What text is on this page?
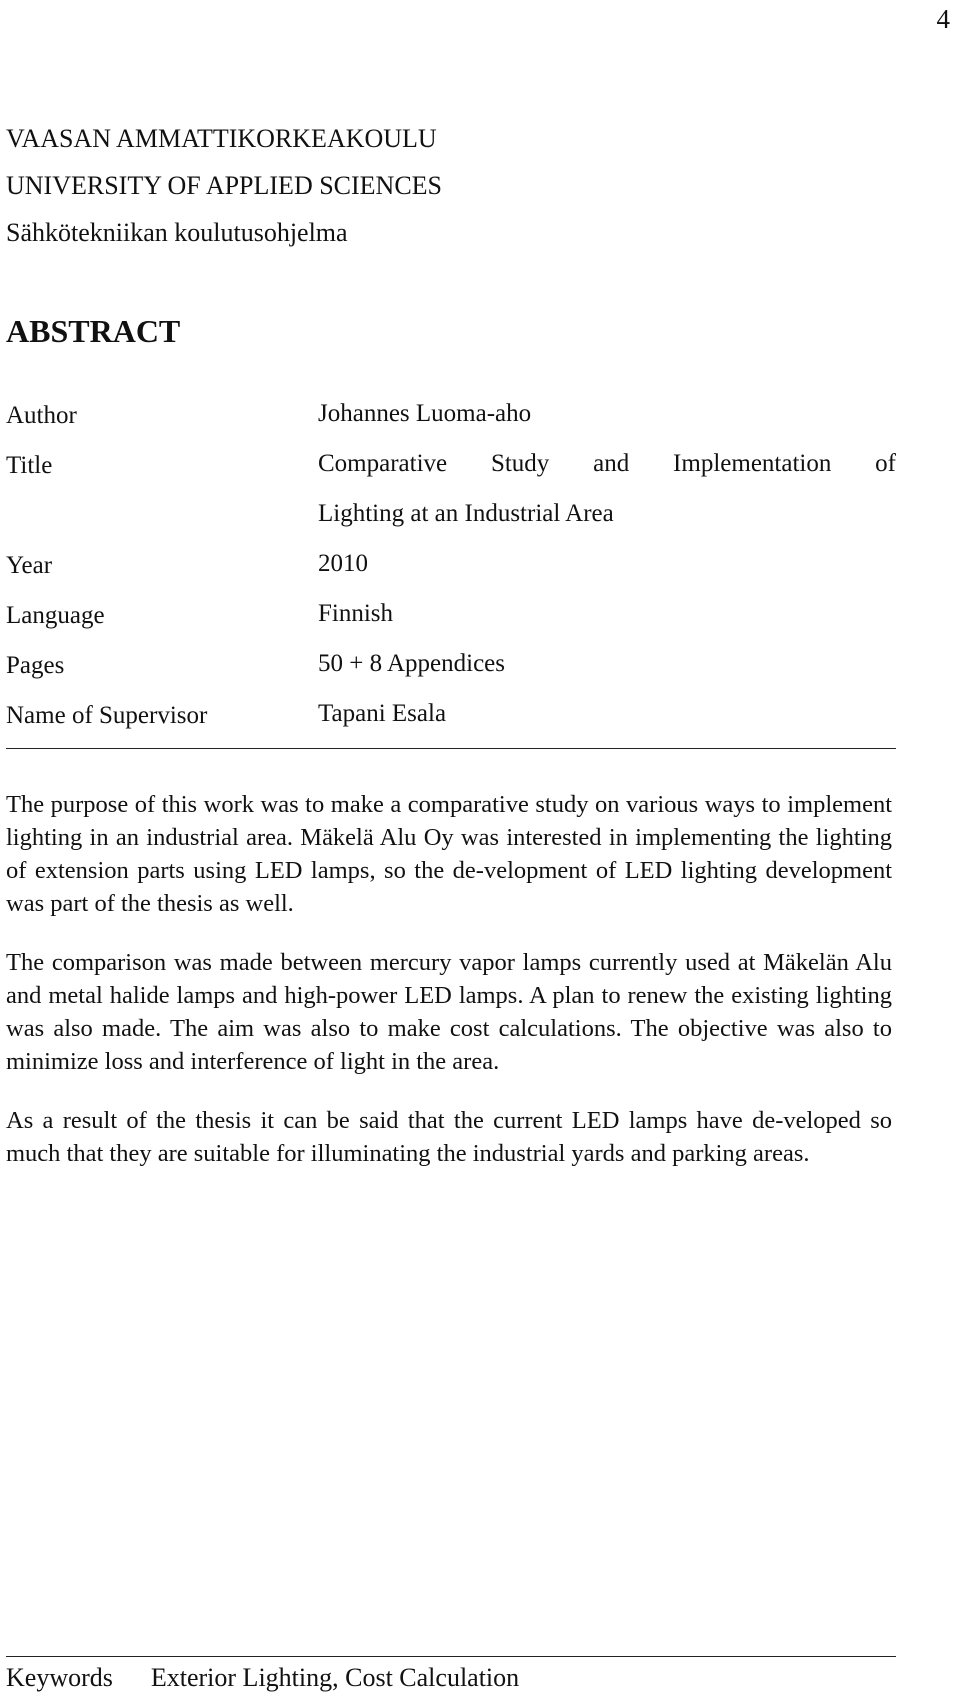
4
VAASAN AMMATTIKORKEAKOULU
UNIVERSITY OF APPLIED SCIENCES
Sähkötekniikan koulutusohjelma
ABSTRACT
Author	Johannes Luoma-aho
Title	Comparative Study and Implementation of
Lighting at an Industrial Area
Year	2010
Language	Finnish
Pages	50 + 8 Appendices
Name of Supervisor	Tapani Esala

The purpose of this work was to make a comparative study on various ways to implement lighting in an industrial area. Mäkelä Alu Oy was interested in implementing the lighting of extension parts using LED lamps, so the de-velopment of LED lighting development was part of the thesis as well.

The comparison was made between mercury vapor lamps currently used at Mäkelän Alu and metal halide lamps and high-power LED lamps. A plan to renew the existing lighting was also made. The aim was also to make cost calculations. The objective was also to minimize loss and interference of light in the area.

As a result of the thesis it can be said that the current LED lamps have de-veloped so much that they are suitable for illuminating the industrial yards and parking areas.

Keywords Exterior Lighting, Cost Calculation
